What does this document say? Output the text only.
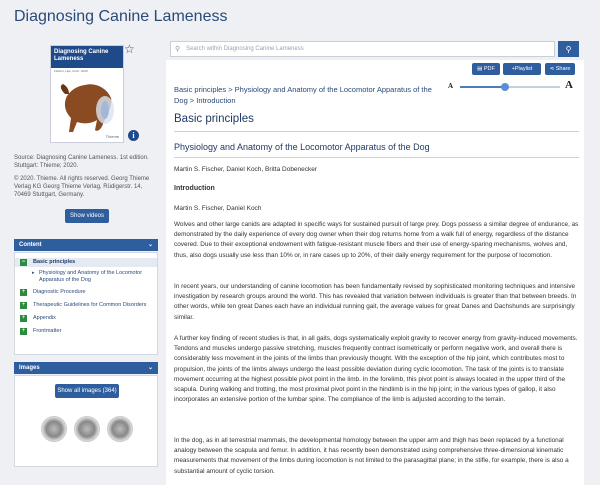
Diagnosing Canine Lameness
Diagnosing Canine Lameness
Fischer, Lilje, Koch, Wolff
Thieme
☆
i
Source: Diagnosing Canine Lameness. 1st edition. Stuttgart: Thieme; 2020.
© 2020. Thieme. All rights reserved. Georg Thieme Verlag KG Georg Thieme Verlag, Rüdigerstr. 14, 70469 Stuttgart, Germany.
Show videos
Content	⌄
−	Basic principles
▸ Physiology and Anatomy of the Locomotor Apparatus of the Dog
+	Diagnostic Procedure
+	Therapeutic Guidelines for Common Disorders
+	Appendix
+	Frontmatter
Images	⌄
Show all images (364)
⚲ Search within Diagnosing Canine Lameness	⚲
▤ PDF	+Playlist	⋖ Share
A	A
Basic principles > Physiology and Anatomy of the Locomotor Apparatus of the Dog > Introduction
Basic principles
Physiology and Anatomy of the Locomotor Apparatus of the Dog
Martin S. Fischer, Daniel Koch, Britta Dobenecker
Introduction
Martin S. Fischer, Daniel Koch
Wolves and other large canids are adapted in specific ways for sustained pursuit of large prey. Dogs possess a similar degree of endurance, as demonstrated by the daily experience of every dog owner when their dog returns home from a walk full of energy, regardless of the distance covered. Due to their exceptional endowment with fatigue-resistant muscle fibers and their use of energy-sparing mechanisms, wolves and, thus, also dogs usually use less than 10% or, in rare cases up to 20%, of their daily energy requirement for the purpose of locomotion.
In recent years, our understanding of canine locomotion has been fundamentally revised by sophisticated monitoring techniques and intensive investigation by research groups around the world. This has revealed that variation between individuals is greater than that between breeds. In other words, while ten great Danes each have an individual running gait, the average values for great Danes and Dachshunds are surprisingly similar.
A further key finding of recent studies is that, in all gaits, dogs systematically exploit gravity to recover energy from gravity-induced movements. Tendons and muscles undergo passive stretching, muscles frequently contract isometrically or perform negative work, and overall there is considerably less movement in the joints of the limbs than previously thought. With the exception of the hip joint, which contributes most to propulsion, the joints of the limbs always undergo the least possible deviation during cyclic locomotion. The task of the joints is to translate movement occurring at the highest possible pivot point in the limb. In the forelimb, this pivot point is always located in the upper third of the scapula. During walking and trotting, the most proximal pivot point in the hindlimb is in the hip joint; in the various types of gallop, it also incorporates an extensive portion of the lumbar spine. The compliance of the limb is adjusted according to the terrain.
In the dog, as in all terrestrial mammals, the developmental homology between the upper arm and thigh has been replaced by a functional analogy between the scapula and femur. In addition, it has recently been demonstrated using comprehensive three-dimensional kinematic measurements that movement of the limbs during locomotion is not limited to the parasagittal plane; in the stifle, for example, there is also a substantial amount of cyclic torsion.
